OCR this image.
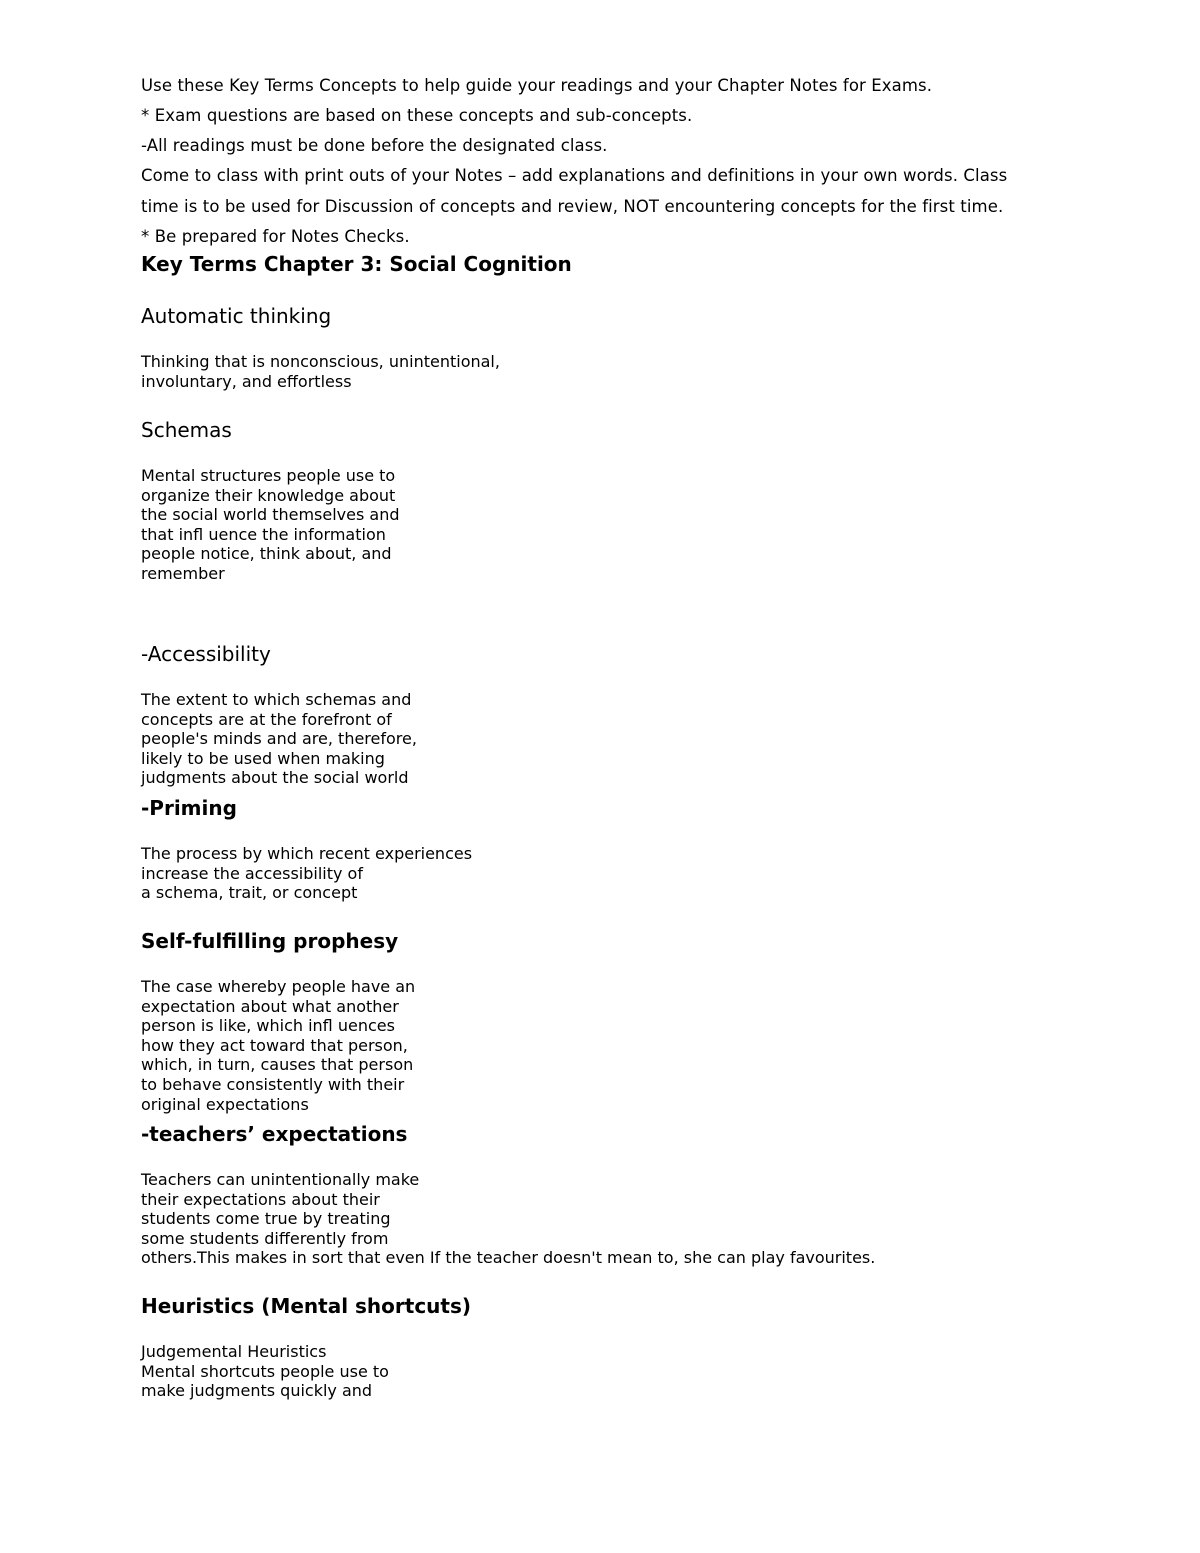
Use these Key Terms Concepts to help guide your readings and your Chapter Notes for Exams.
* Exam questions are based on these concepts and sub-concepts.
-All readings must be done before the designated class.
Come to class with print outs of your Notes – add explanations and definitions in your own words. Class
time is to be used for Discussion of concepts and review, NOT encountering concepts for the first time.
* Be prepared for Notes Checks.
Key Terms Chapter 3: Social Cognition
Automatic thinking
Thinking that is nonconscious, unintentional,
involuntary, and effortless
Schemas
Mental structures people use to
organize their knowledge about
the social world themselves and
that infl uence the information
people notice, think about, and
remember
-Accessibility
The extent to which schemas and
concepts are at the forefront of
people's minds and are, therefore,
likely to be used when making
judgments about the social world
-Priming
The process by which recent experiences
increase the accessibility of
a schema, trait, or concept
Self-fulfilling prophesy
The case whereby people have an
expectation about what another
person is like, which infl uences
how they act toward that person,
which, in turn, causes that person
to behave consistently with their
original expectations
-teachers’ expectations
Teachers can unintentionally make
their expectations about their
students come true by treating
some students differently from
others.This makes in sort that even If the teacher doesn't mean to, she can play favourites.
Heuristics (Mental shortcuts)
Judgemental Heuristics
Mental shortcuts people use to
make judgments quickly and
